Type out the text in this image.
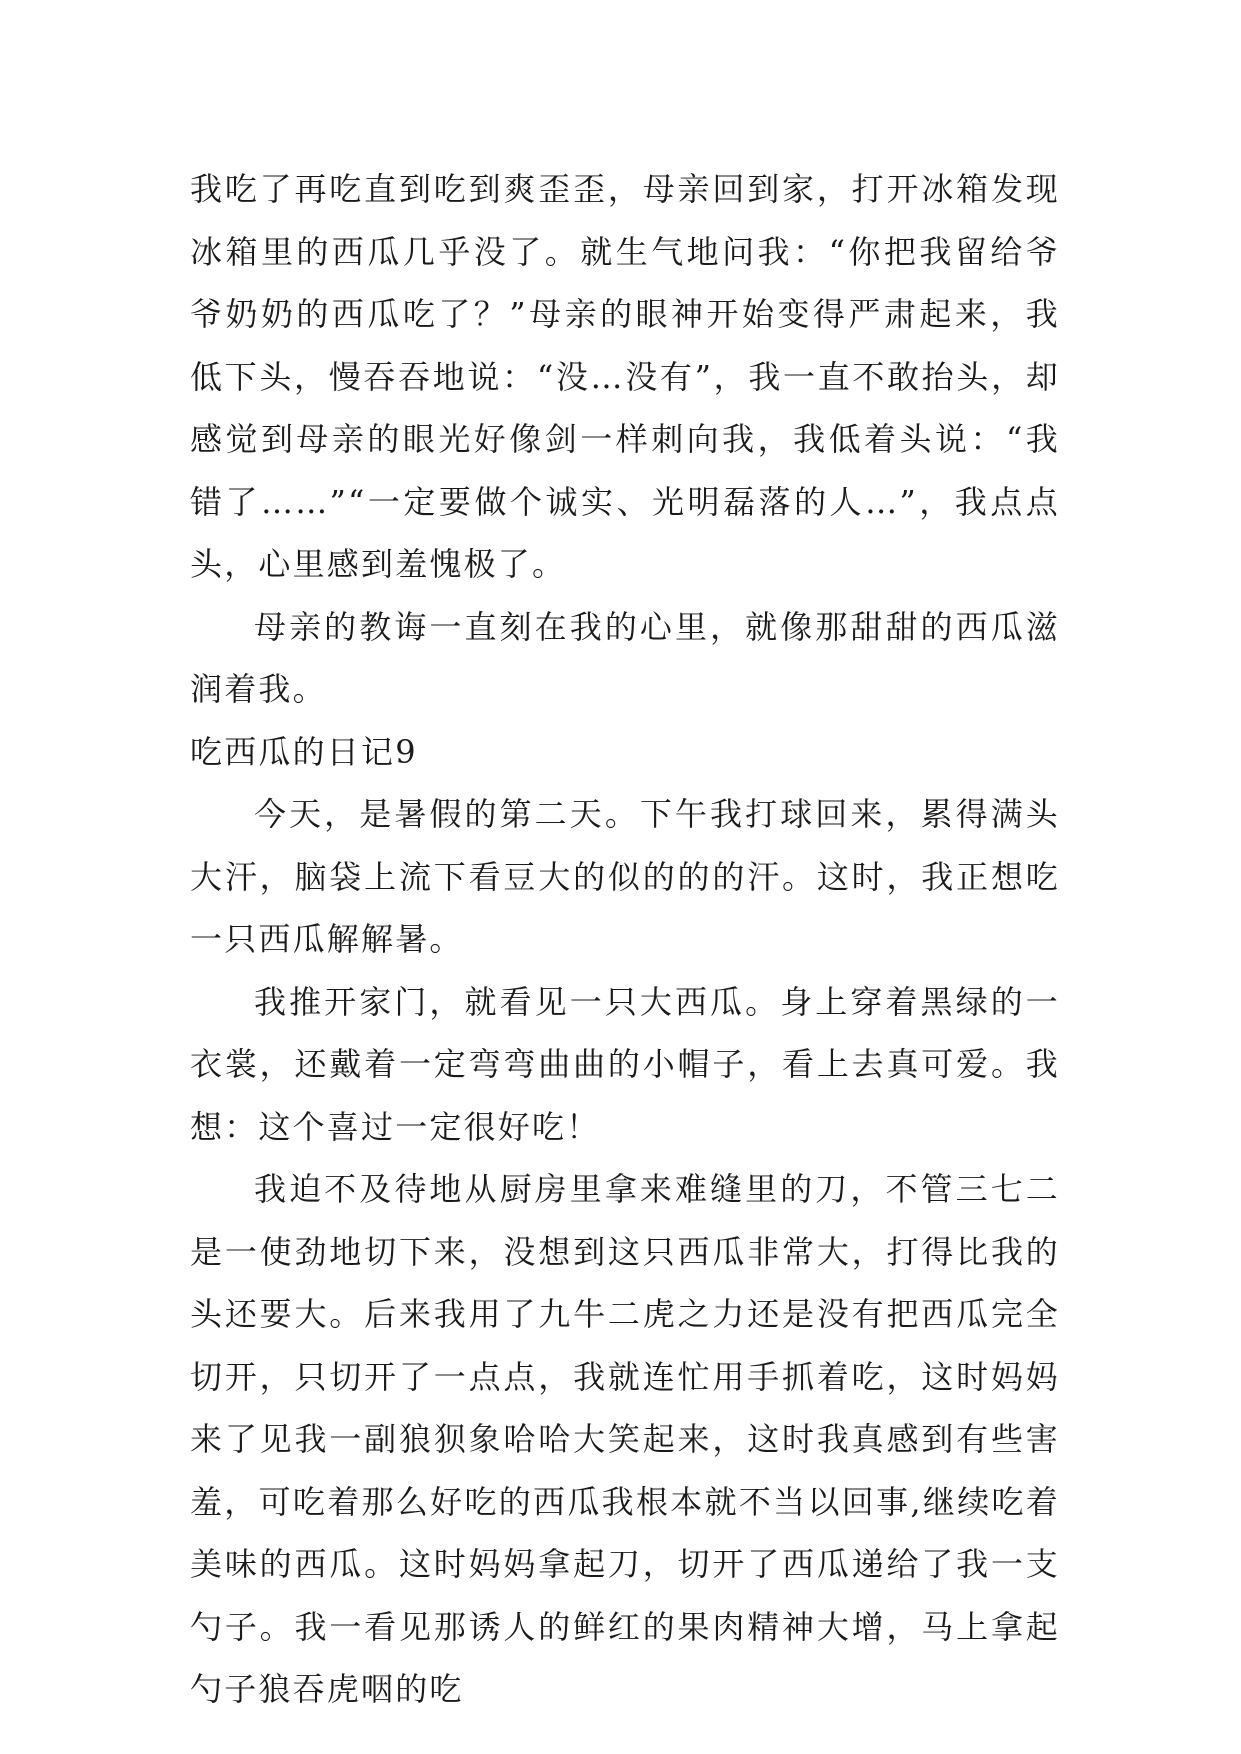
我吃了再吃直到吃到爽歪歪，母亲回到家，打开冰箱发现冰箱里的西瓜几乎没了。就生气地问我：“你把我留给爷爷奶奶的西瓜吃了？”母亲的眼神开始变得严肃起来，我低下头，慢吞吞地说：“没…没有”，我一直不敢抬头，却感觉到母亲的眼光好像剑一样刺向我，我低着头说：“我错了……”“一定要做个诚实、光明磊落的人…”，我点点头，心里感到羞愧极了。

母亲的教诲一直刻在我的心里，就像那甜甜的西瓜滋润着我。

吃西瓜的日记9

今天，是暑假的第二天。下午我打球回来，累得满头大汗，脑袋上流下看豆大的似的的的汗。这时，我正想吃一只西瓜解解暑。

我推开家门，就看见一只大西瓜。身上穿着黑绿的一衣裳，还戴着一定弯弯曲曲的小帽子，看上去真可爱。我 想：这个喜过一定很好吃！

我迫不及待地从厨房里拿来难缝里的刀，不管三七二是一使劲地切下来，没想到这只西瓜非常大，打得比我的头还要大。后来我用了九牛二虎之力还是没有把西瓜完全切开，只切开了一点点，我就连忙用手抓着吃，这时妈妈来了见我一副狼狈象哈哈大笑起来，这时我真感到有些害羞，可吃着那么好吃的西瓜我根本就不当以回事,继续吃着美味的西瓜。这时妈妈拿起刀，切开了西瓜递给了我一支勺子。我一看见那诱人的鲜红的果肉精神大增，马上拿起勺子狼吞虎咽的吃
